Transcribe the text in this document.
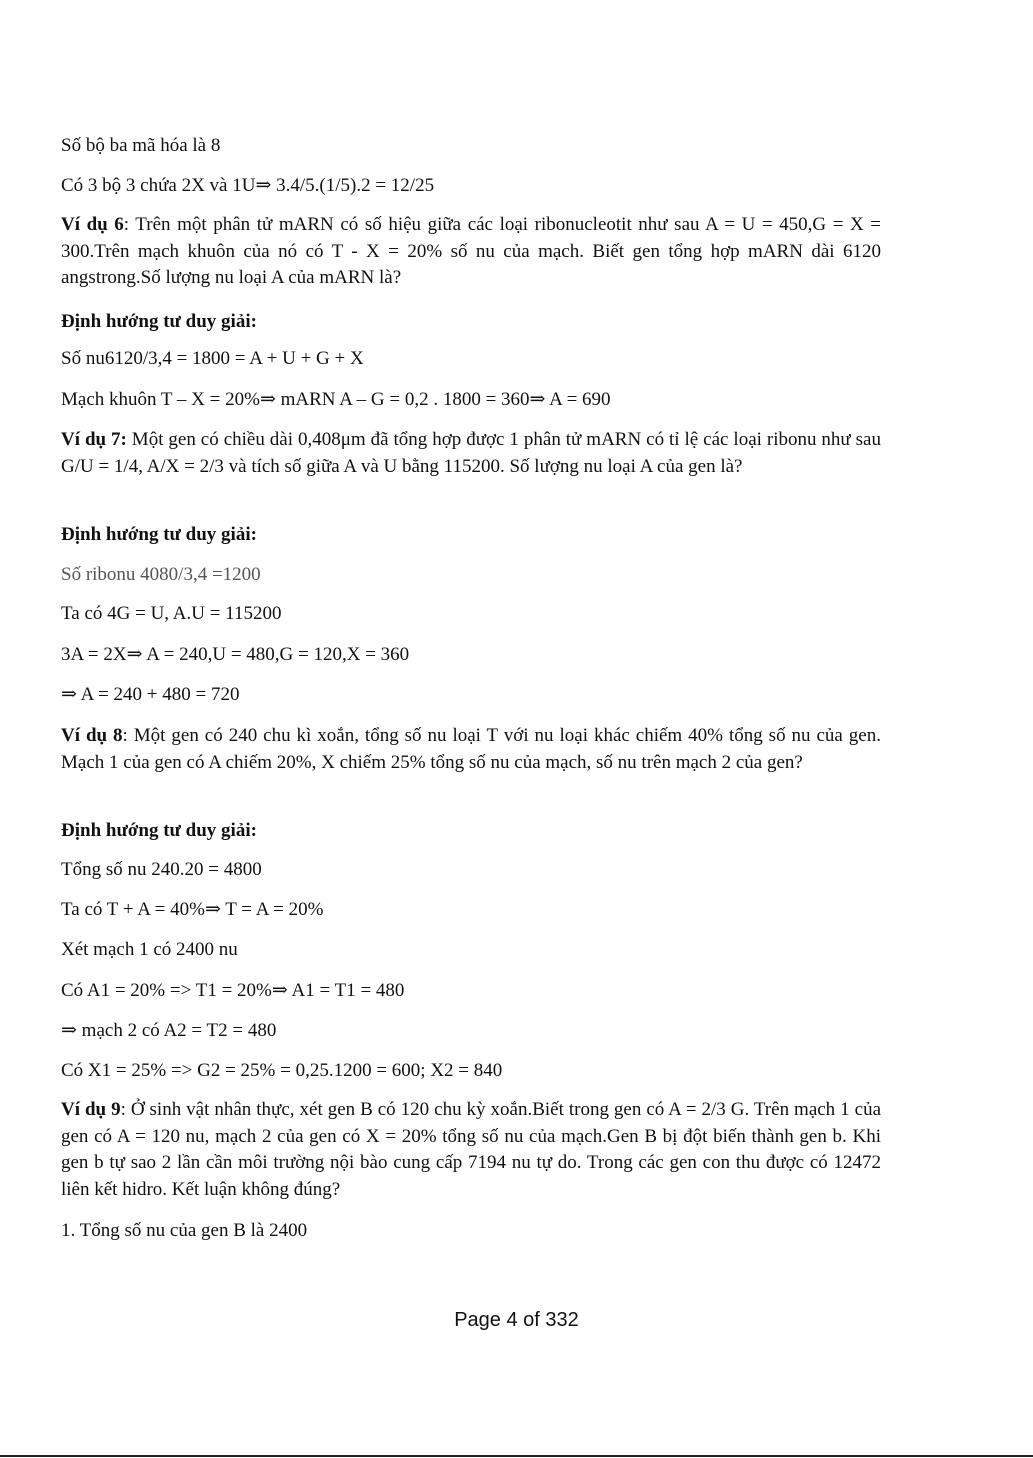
Số bộ ba mã hóa là 8
Có 3 bộ 3 chứa 2X và 1U⇒ 3.4/5.(1/5).2 = 12/25
Ví dụ 6: Trên một phân tử mARN có số hiệu giữa các loại ribonucleotit như sau A = U = 450,G = X = 300.Trên mạch khuôn của nó có T - X = 20% số nu của mạch. Biết gen tổng hợp mARN dài 6120 angstrong.Số lượng nu loại A của mARN là?
Định hướng tư duy giải:
Số nu6120/3,4 = 1800 = A + U + G + X
Mạch khuôn T – X = 20%⇒ mARN A – G = 0,2 . 1800 = 360⇒ A = 690
Ví dụ 7: Một gen có chiều dài 0,408μm đã tổng hợp được 1 phân tử mARN có tỉ lệ các loại ribonu như sau G/U = 1/4, A/X = 2/3 và tích số giữa A và U bằng 115200. Số lượng nu loại A của gen là?
Định hướng tư duy giải:
Số ribonu 4080/3,4 =1200
Ta có 4G = U, A.U = 115200
3A = 2X⇒ A = 240,U = 480,G = 120,X = 360
⇒ A = 240 + 480 = 720
Ví dụ 8: Một gen có 240 chu kì xoắn, tổng số nu loại T với nu loại khác chiếm 40% tổng số nu của gen. Mạch 1 của gen có A chiếm 20%, X chiếm 25% tổng số nu của mạch, số nu trên mạch 2 của gen?
Định hướng tư duy giải:
Tổng số nu 240.20 = 4800
Ta có T + A = 40%⇒ T = A = 20%
Xét mạch 1 có 2400 nu
Có A1 = 20% => T1 = 20%⇒ A1 = T1 = 480
⇒ mạch 2 có A2 = T2 = 480
Có X1 = 25% => G2 = 25% = 0,25.1200 = 600; X2 = 840
Ví dụ 9: Ở sinh vật nhân thực, xét gen B có 120 chu kỳ xoắn.Biết trong gen có A = 2/3 G. Trên mạch 1 của gen có A = 120 nu, mạch 2 của gen có X = 20% tổng số nu của mạch.Gen B bị đột biến thành gen b. Khi gen b tự sao 2 lần cần môi trường nội bào cung cấp 7194 nu tự do. Trong các gen con thu được có 12472 liên kết hidro. Kết luận không đúng?
1. Tổng số nu của gen B là 2400
Page 4 of 332
